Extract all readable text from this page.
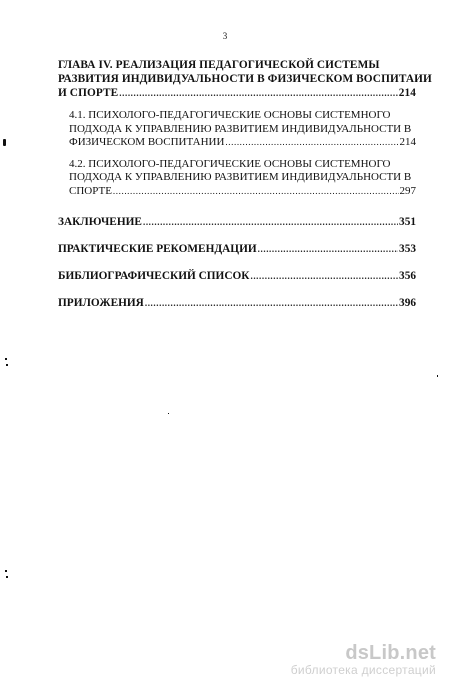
3
ГЛАВА IV. РЕАЛИЗАЦИЯ ПЕДАГОГИЧЕСКОЙ СИСТЕМЫ
РАЗВИТИЯ ИНДИВИДУАЛЬНОСТИ В ФИЗИЧЕСКОМ ВОСПИТАИИ
И СПОРТЕ .....	214
4.1. ПСИХОЛОГО-ПЕДАГОГИЧЕСКИЕ ОСНОВЫ СИСТЕМНОГО
ПОДХОДА К УПРАВЛЕНИЮ РАЗВИТИЕМ ИНДИВИДУАЛЬНОСТИ В
ФИЗИЧЕСКОМ ВОСПИТАНИИ .....	214
4.2. ПСИХОЛОГО-ПЕДАГОГИЧЕСКИЕ ОСНОВЫ СИСТЕМНОГО
ПОДХОДА К УПРАВЛЕНИЮ РАЗВИТИЕМ ИНДИВИДУАЛЬНОСТИ В
СПОРТЕ .....	297
ЗАКЛЮЧЕНИЕ .....	351
ПРАКТИЧЕСКИЕ РЕКОМЕНДАЦИИ .....	353
БИБЛИОГРАФИЧЕСКИЙ СПИСОК .....	356
ПРИЛОЖЕНИЯ .....	396
dsLib.net
библиотека диссертаций
